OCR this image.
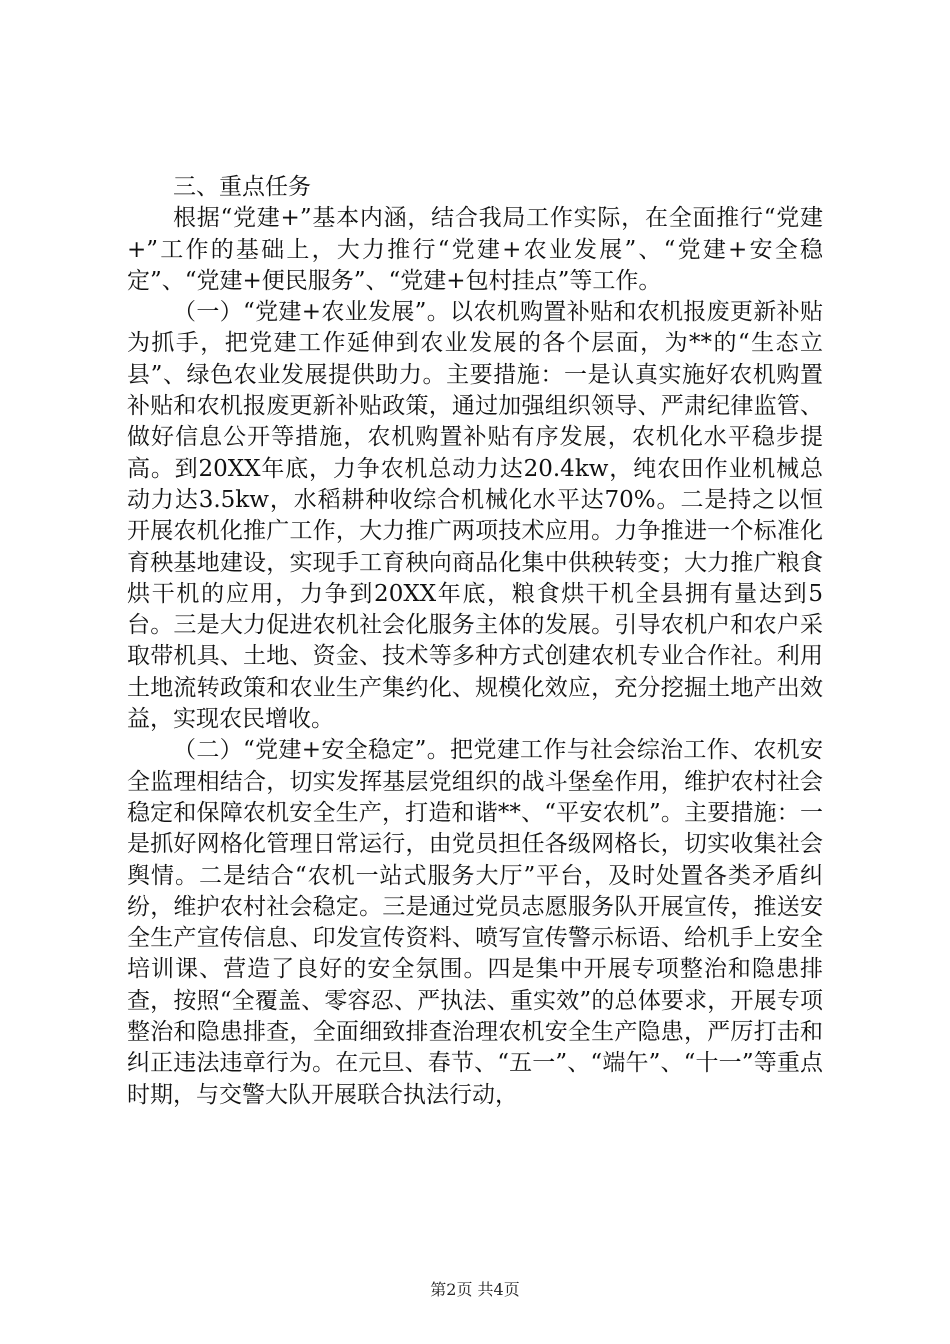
三、重点任务

根据“党建+”基本内涵，结合我局工作实际，在全面推行“党建+”工作的基础上，大力推行“党建+农业发展”、“党建+安全稳定”、“党建+便民服务”、“党建+包村挂点”等工作。

（一）“党建+农业发展”。以农机购置补贴和农机报废更新补贴为抓手，把党建工作延伸到农业发展的各个层面，为**的“生态立县”、绿色农业发展提供助力。主要措施：一是认真实施好农机购置补贴和农机报废更新补贴政策，通过加强组织领导、严肃纪律监管、做好信息公开等措施，农机购置补贴有序发展，农机化水平稳步提高。到20XX年底，力争农机总动力达20.4kw，纯农田作业机械总动力达3.5kw，水稻耕种收综合机械化水平达70%。二是持之以恒开展农机化推广工作，大力推广两项技术应用。力争推进一个标准化育秧基地建设，实现手工育秧向商品化集中供秧转变；大力推广粮食烘干机的应用，力争到20XX年底，粮食烘干机全县拥有量达到5台。三是大力促进农机社会化服务主体的发展。引导农机户和农户采取带机具、土地、资金、技术等多种方式创建农机专业合作社。利用土地流转政策和农业生产集约化、规模化效应，充分挖掘土地产出效益，实现农民增收。

（二）“党建+安全稳定”。把党建工作与社会综治工作、农机安全监理相结合，切实发挥基层党组织的战斗堡垒作用，维护农村社会稳定和保障农机安全生产，打造和谐**、“平安农机”。主要措施：一是抓好网格化管理日常运行，由党员担任各级网格长，切实收集社会舆情。二是结合“农机一站式服务大厅”平台，及时处置各类矛盾纠纷，维护农村社会稳定。三是通过党员志愿服务队开展宣传，推送安全生产宣传信息、印发宣传资料、喷写宣传警示标语、给机手上安全培训课、营造了良好的安全氛围。四是集中开展专项整治和隐患排查，按照“全覆盖、零容忍、严执法、重实效”的总体要求，开展专项整治和隐患排查，全面细致排查治理农机安全生产隐患，严厉打击和纠正违法违章行为。在元旦、春节、“五一”、“端午”、“十一”等重点时期，与交警大队开展联合执法行动，

第2页 共4页
